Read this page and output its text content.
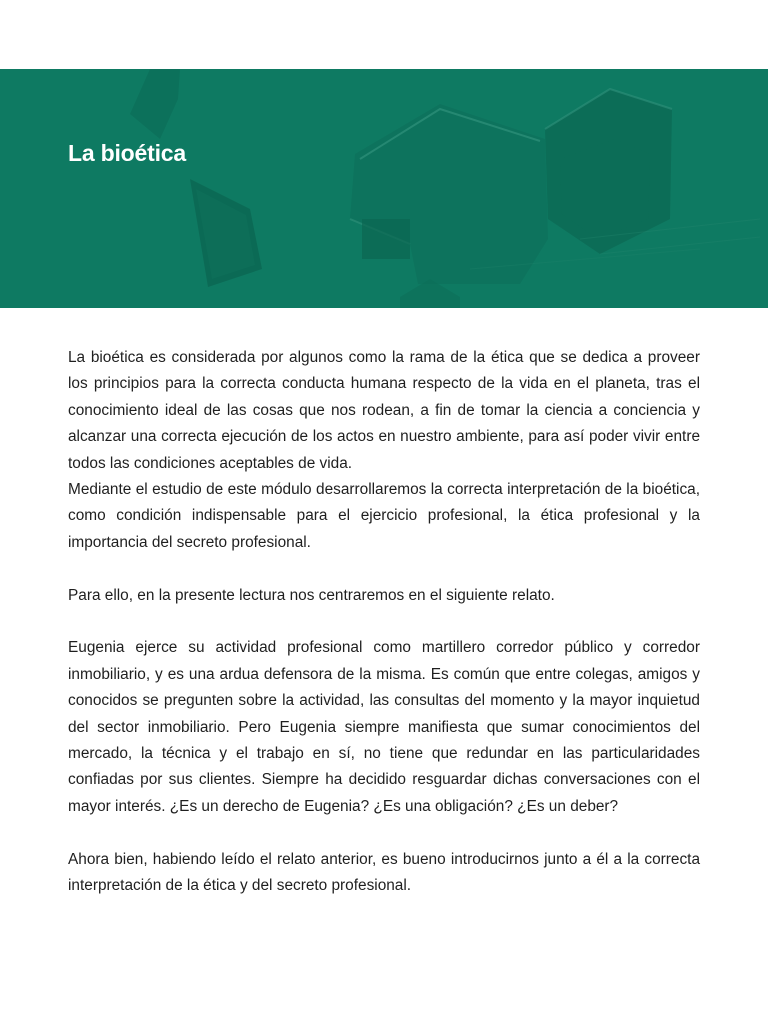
La bioética

La bioética es considerada por algunos como la rama de la ética que se dedica a proveer los principios para la correcta conducta humana respecto de la vida en el planeta, tras el conocimiento ideal de las cosas que nos rodean, a fin de tomar la ciencia a conciencia y alcanzar una correcta ejecución de los actos en nuestro ambiente, para así poder vivir entre todos las condiciones aceptables de vida.

Mediante el estudio de este módulo desarrollaremos la correcta interpretación de la bioética, como condición indispensable para el ejercicio profesional, la ética profesional y la importancia del secreto profesional.

Para ello, en la presente lectura nos centraremos en el siguiente relato.

Eugenia ejerce su actividad profesional como martillero corredor público y corredor inmobiliario, y es una ardua defensora de la misma. Es común que entre colegas, amigos y conocidos se pregunten sobre la actividad, las consultas del momento y la mayor inquietud del sector inmobiliario. Pero Eugenia siempre manifiesta que sumar conocimientos del mercado, la técnica y el trabajo en sí, no tiene que redundar en las particularidades confiadas por sus clientes. Siempre ha decidido resguardar dichas conversaciones con el mayor interés. ¿Es un derecho de Eugenia? ¿Es una obligación? ¿Es un deber?

Ahora bien, habiendo leído el relato anterior, es bueno introducirnos junto a él a la correcta interpretación de la ética y del secreto profesional.
